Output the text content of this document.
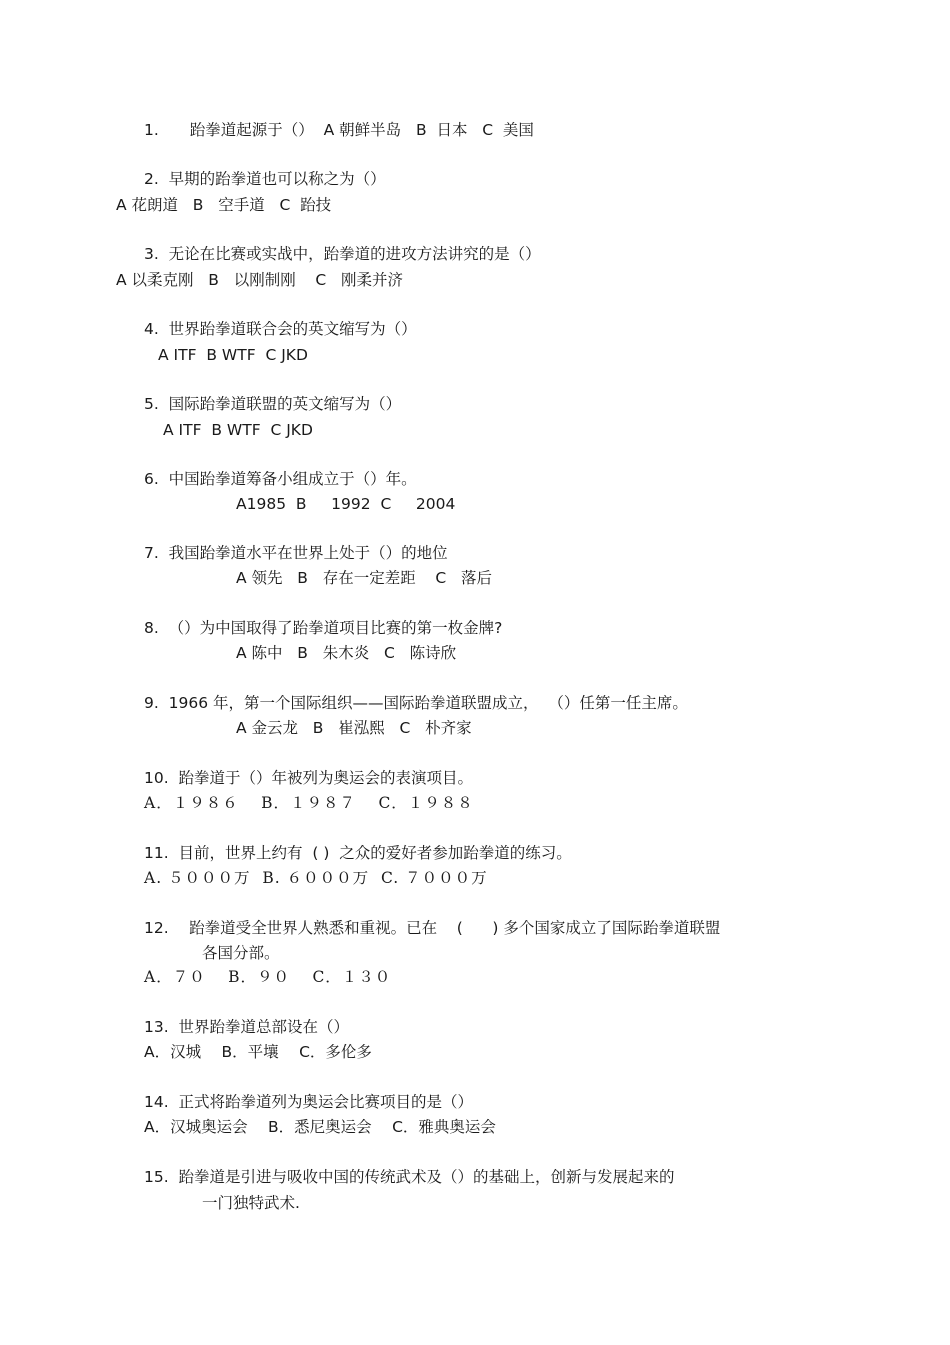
1.　　跆拳道起源于（）  A 朝鲜半岛   B  日本   C  美国

2.  早期的跆拳道也可以称之为（）

A 花朗道   B   空手道   C  跆技

3.  无论在比赛或实战中，跆拳道的进攻方法讲究的是（）

A 以柔克刚   B   以刚制刚    C   刚柔并济

4.  世界跆拳道联合会的英文缩写为（）

A ITF  B WTF  C JKD

5.  国际跆拳道联盟的英文缩写为（）

A ITF  B WTF  C JKD

6.  中国跆拳道筹备小组成立于（）年。

A1985  B     1992  C     2004

7.  我国跆拳道水平在世界上处于（）的地位

A 领先   B   存在一定差距    C   落后

8.  （）为中国取得了跆拳道项目比赛的第一枚金牌?

A 陈中   B   朱木炎   C   陈诗欣

9.  1966 年，第一个国际组织——国际跆拳道联盟成立，  （）任第一任主席。

A 金云龙   B   崔泓熙   C   朴齐家

10.  跆拳道于（）年被列为奥运会的表演项目。

A．１９８６　 B．１９８７　 C．１９８８

11.  目前，世界上约有  ( )  之众的爱好者参加跆拳道的练习。

A. ５０００万  B. ６０００万  C. ７０００万

12.　 跆拳道受全世界人熟悉和重视。已在    (      ) 多个国家成立了国际跆拳道联盟

各国分部。

A．７０　 B．９０　 C．１３０

13.  世界跆拳道总部设在（）

A．汉城　 B．平壤　 C．多伦多

14.  正式将跆拳道列为奥运会比赛项目的是（）

A．汉城奥运会　 B．悉尼奥运会　 C．雅典奥运会

15.  跆拳道是引进与吸收中国的传统武术及（）的基础上，创新与发展起来的

一门独特武术.
